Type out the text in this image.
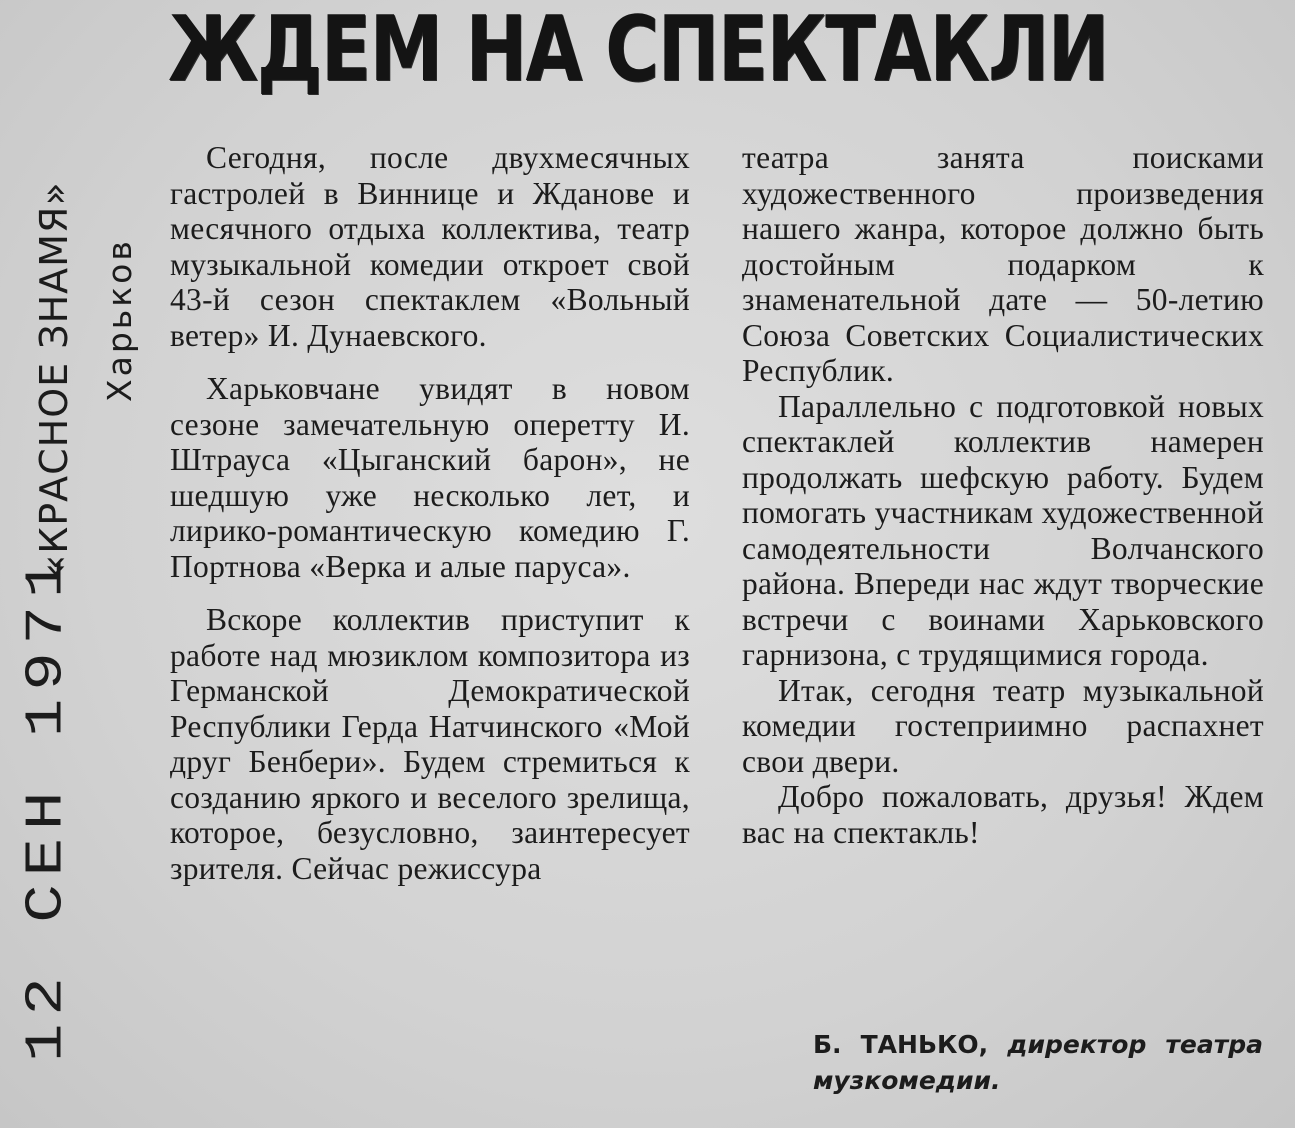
ЖДЕМ НА СПЕКТАКЛИ
«КРАСНОЕ ЗНАМЯ» Харьков
12 СЕН 1971

Сегодня, после двухмесячных гастролей в Виннице и Жданове и месячного отдыха коллектива, театр музыкальной комедии откроет свой 43-й сезон спектаклем «Вольный ветер» И. Дунаевского.

Харьковчане увидят в новом сезоне замечательную оперетту И. Штрауса «Цыганский барон», не шедшую уже несколько лет, и лирико-романтическую комедию Г. Портнова «Верка и алые паруса».

Вскоре коллектив приступит к работе над мюзиклом композитора из Германской Демократической Республики Герда Натчинского «Мой друг Бенбери». Будем стремиться к созданию яркого и веселого зрелища, которое, безусловно, заинтересует зрителя. Сейчас режиссура

театра занята поисками художественного произведения нашего жанра, которое должно быть достойным подарком к знаменательной дате — 50-летию Союза Советских Социалистических Республик.

Параллельно с подготовкой новых спектаклей коллектив намерен продолжать шефскую работу. Будем помогать участникам художественной самодеятельности Волчанского района. Впереди нас ждут творческие встречи с воинами Харьковского гарнизона, с трудящимися города.

Итак, сегодня театр музыкальной комедии гостеприимно распахнет свои двери.

Добро пожаловать, друзья! Ждем вас на спектакль!

Б. ТАНЬКО, директор театра музкомедии.
